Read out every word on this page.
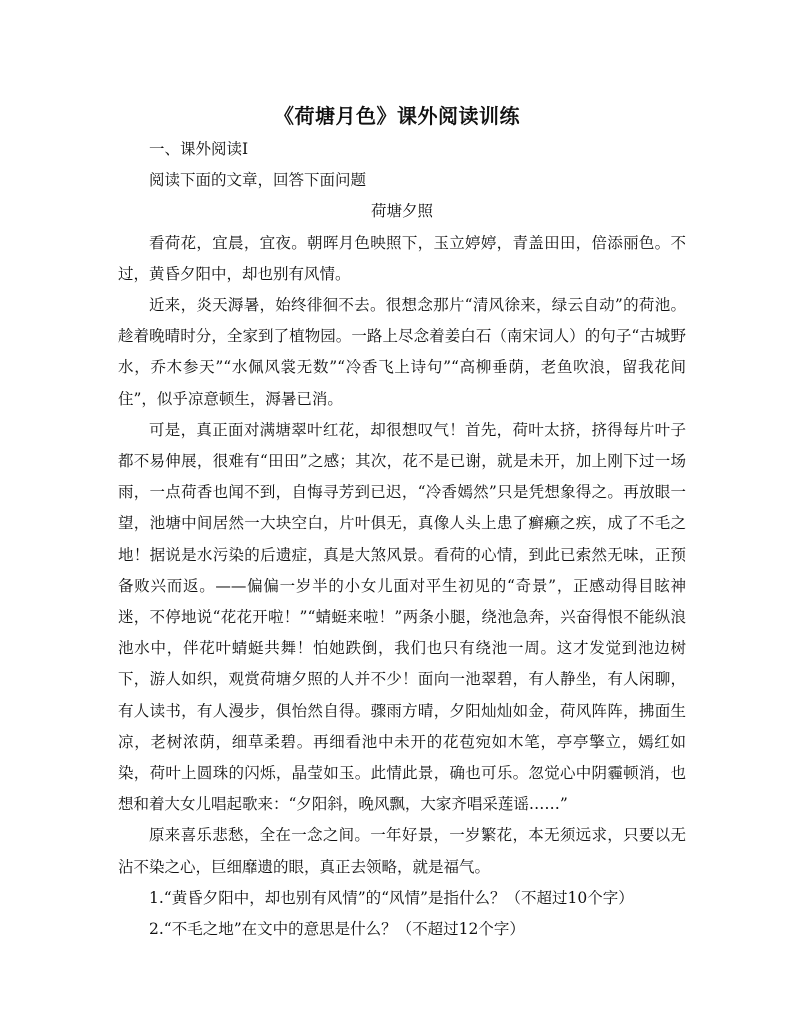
《荷塘月色》课外阅读训练

一、课外阅读Ⅰ

阅读下面的文章，回答下面问题

荷塘夕照

看荷花，宜晨，宜夜。朝晖月色映照下，玉立婷婷，青盖田田，倍添丽色。不过，黄昏夕阳中，却也别有风情。

近来，炎天溽暑，始终徘徊不去。很想念那片“清风徐来，绿云自动”的荷池。趁着晚晴时分，全家到了植物园。一路上尽念着姜白石（南宋词人）的句子“古城野水，乔木参天”“水佩风裳无数”“冷香飞上诗句”“高柳垂荫，老鱼吹浪，留我花间住”，似乎凉意顿生，溽暑已消。

可是，真正面对满塘翠叶红花，却很想叹气！首先，荷叶太挤，挤得每片叶子都不易伸展，很难有“田田”之感；其次，花不是已谢，就是未开，加上刚下过一场雨，一点荷香也闻不到，自悔寻芳到已迟，“冷香嫣然”只是凭想象得之。再放眼一望，池塘中间居然一大块空白，片叶俱无，真像人头上患了癣癞之疾，成了不毛之地！据说是水污染的后遗症，真是大煞风景。看荷的心情，到此已索然无味，正预备败兴而返。——偏偏一岁半的小女儿面对平生初见的“奇景”，正感动得目眩神迷，不停地说“花花开啦！”“蜻蜓来啦！”两条小腿，绕池急奔，兴奋得恨不能纵浪池水中，伴花叶蜻蜓共舞！怕她跌倒，我们也只有绕池一周。这才发觉到池边树下，游人如织，观赏荷塘夕照的人并不少！面向一池翠碧，有人静坐，有人闲聊，有人读书，有人漫步，俱怡然自得。骤雨方晴，夕阳灿灿如金，荷风阵阵，拂面生凉，老树浓荫，细草柔碧。再细看池中未开的花苞宛如木笔，亭亭擎立，嫣红如染，荷叶上圆珠的闪烁，晶莹如玉。此情此景，确也可乐。忽觉心中阴霾顿消，也想和着大女儿唱起歌来：“夕阳斜，晚风飘，大家齐唱采莲谣……”

原来喜乐悲愁，全在一念之间。一年好景，一岁繁花，本无须远求，只要以无沾不染之心，巨细靡遗的眼，真正去领略，就是福气。

1.“黄昏夕阳中，却也别有风情”的“风情”是指什么？（不超过10个字）

2.“不毛之地”在文中的意思是什么？（不超过12个字）
